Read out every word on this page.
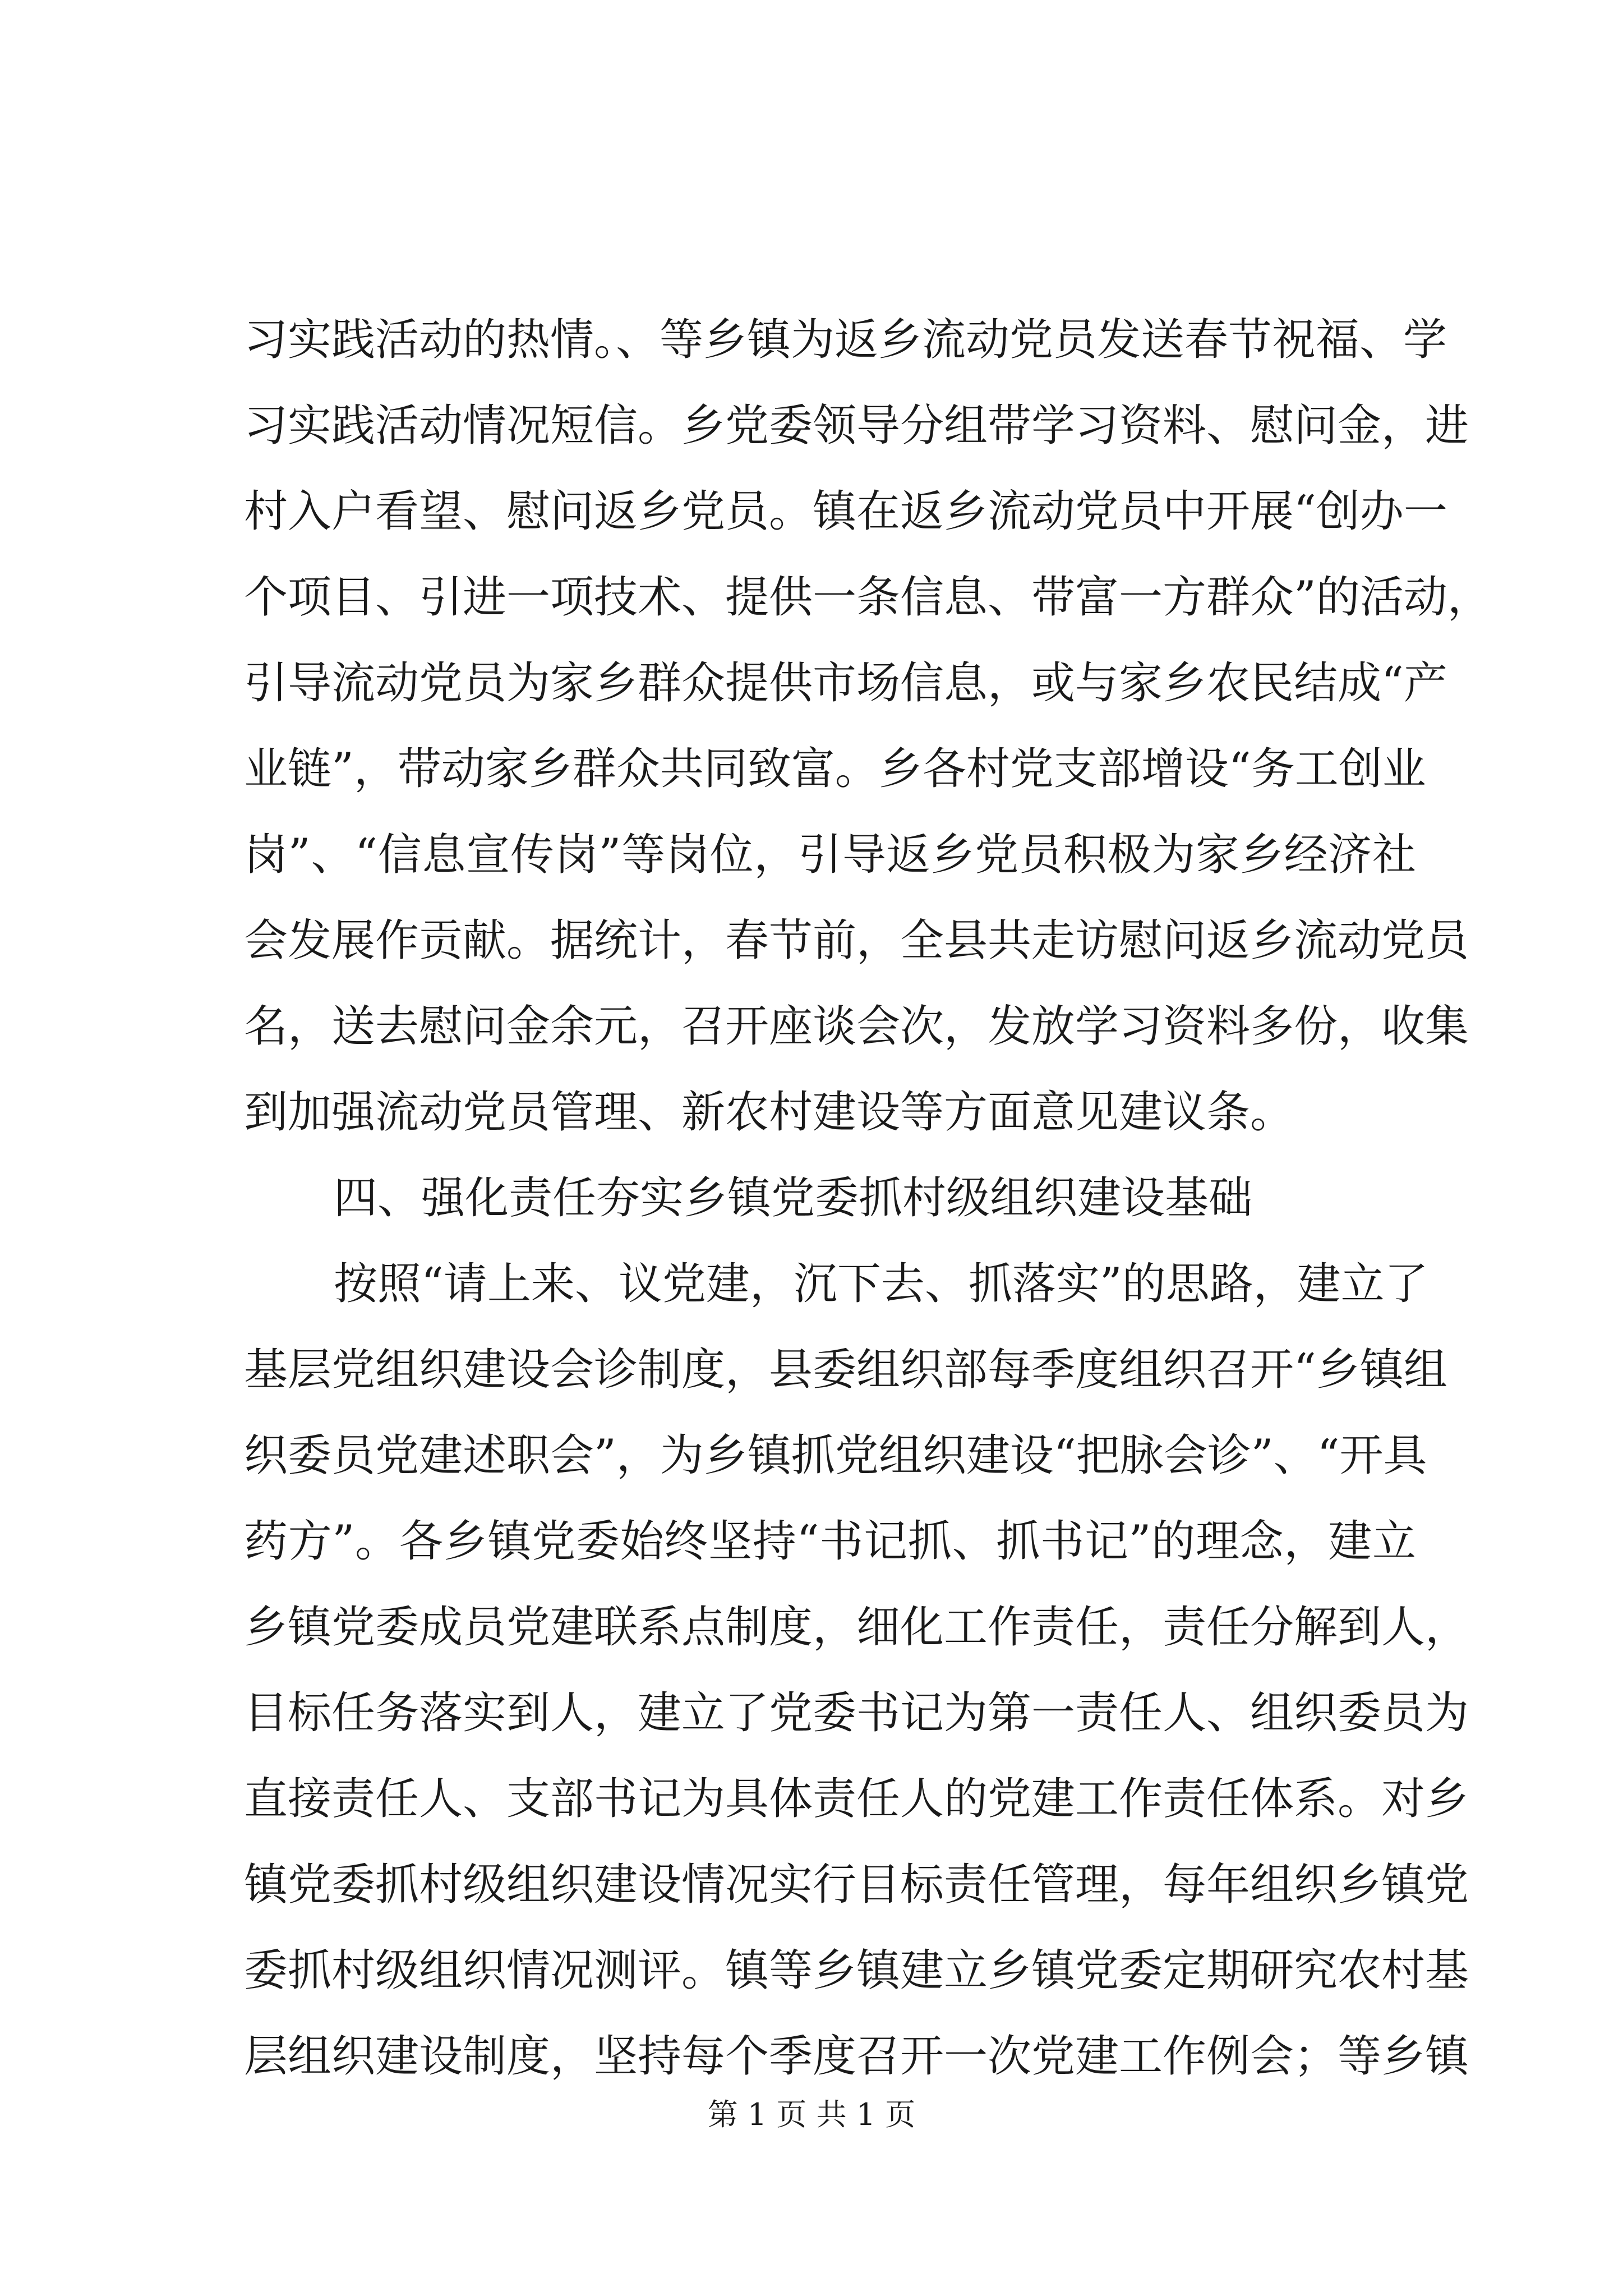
习实践活动的热情。、等乡镇为返乡流动党员发送春节祝福、学
习实践活动情况短信。乡党委领导分组带学习资料、慰问金，进
村入户看望、慰问返乡党员。镇在返乡流动党员中开展“创办一
个项目、引进一项技术、提供一条信息、带富一方群众”的活动，
引导流动党员为家乡群众提供市场信息，或与家乡农民结成“产
业链”，带动家乡群众共同致富。乡各村党支部增设“务工创业
岗”、“信息宣传岗”等岗位，引导返乡党员积极为家乡经济社
会发展作贡献。据统计，春节前，全县共走访慰问返乡流动党员
名，送去慰问金余元，召开座谈会次，发放学习资料多份，收集
到加强流动党员管理、新农村建设等方面意见建议条。
四、强化责任夯实乡镇党委抓村级组织建设基础
按照“请上来、议党建，沉下去、抓落实”的思路，建立了
基层党组织建设会诊制度，县委组织部每季度组织召开“乡镇组
织委员党建述职会”，为乡镇抓党组织建设“把脉会诊”、“开具
药方”。各乡镇党委始终坚持“书记抓、抓书记”的理念，建立
乡镇党委成员党建联系点制度，细化工作责任，责任分解到人，
目标任务落实到人，建立了党委书记为第一责任人、组织委员为
直接责任人、支部书记为具体责任人的党建工作责任体系。对乡
镇党委抓村级组织建设情况实行目标责任管理，每年组织乡镇党
委抓村级组织情况测评。镇等乡镇建立乡镇党委定期研究农村基
层组织建设制度，坚持每个季度召开一次党建工作例会；等乡镇
第 1 页 共 1 页
